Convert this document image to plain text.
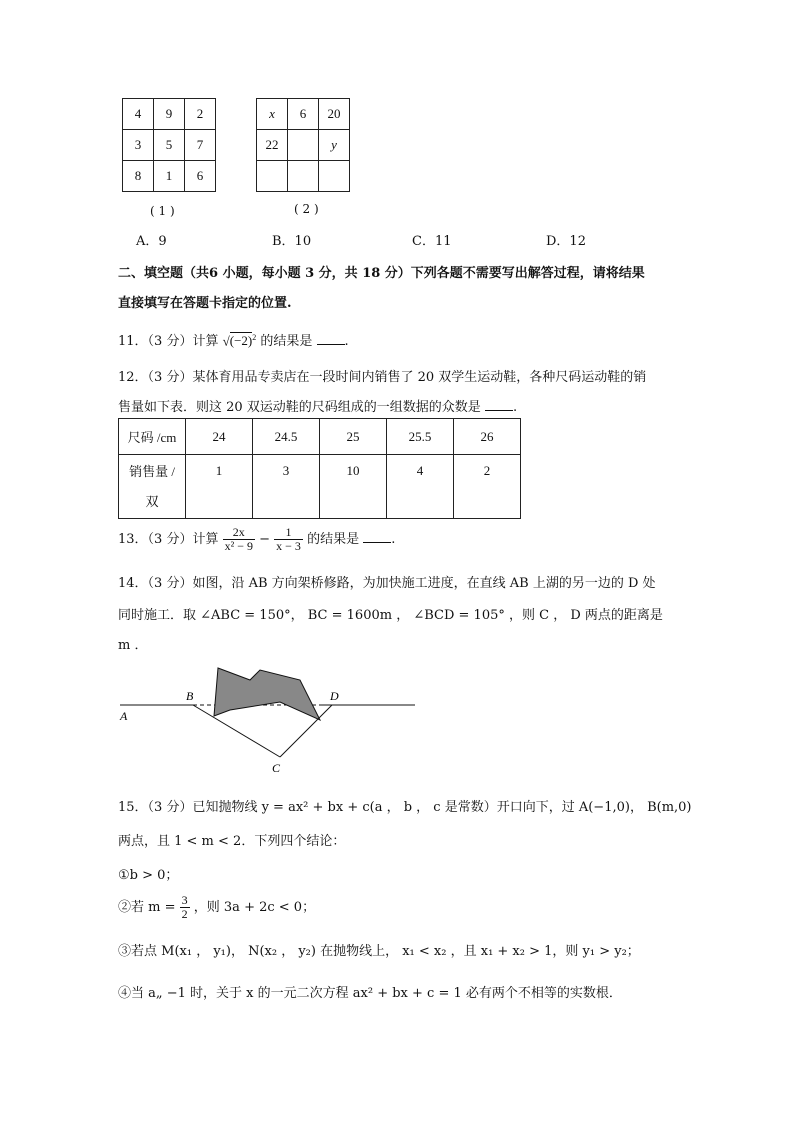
4	9	2
3	5	7
8	1	6
( 1 )
x	6	20
22		y

( 2 )
A．9	B．10	C．11	D．12
二、填空题（共6 小题，每小题 3 分，共 18 分）下列各题不需要写出解答过程，请将结果
直接填写在答题卡指定的位置.
11．（3 分）计算 $√(-2)^2$ 的结果是 .
12．（3 分）某体育用品专卖店在一段时间内销售了 20 双学生运动鞋，各种尺码运动鞋的销
售量如下表．则这 20 双运动鞋的尺码组成的一组数据的众数是 .
尺码 /cm	24	24.5	25	25.5	26

销售量 /
双	1	3	10	4	2
13．（3 分）计算 $\frac{2x}{\text{x² − 9}} - \frac{1}{x - 3}$ 的结果是 .
14．（3 分）如图，沿 AB 方向架桥修路，为加快施工进度，在直线 AB 上湖的另一边的 D 处
同时施工．取 ∠ABC = 150°， BC = 1600m ， ∠BCD = 105° ，则 C ， D 两点的距离是
m ．
A
B	D
C
15．（3 分）已知抛物线 y = ax² + bx + c(a ， b ， c 是常数）开口向下，过 A(−1,0)， B(m,0)
两点，且 1 < m < 2．下列四个结论：
①b > 0；
②若 $m = \frac{3}{2}$ ，则 3a + 2c < 0；
③若点 M(x₁ ， y₁)， N(x₂ ， y₂) 在抛物线上， x₁ < x₂ ，且 x₁ + x₂ > 1，则 y₁ > y₂；
④当 a„ −1 时，关于 x 的一元二次方程 ax² + bx + c = 1 必有两个不相等的实数根．
